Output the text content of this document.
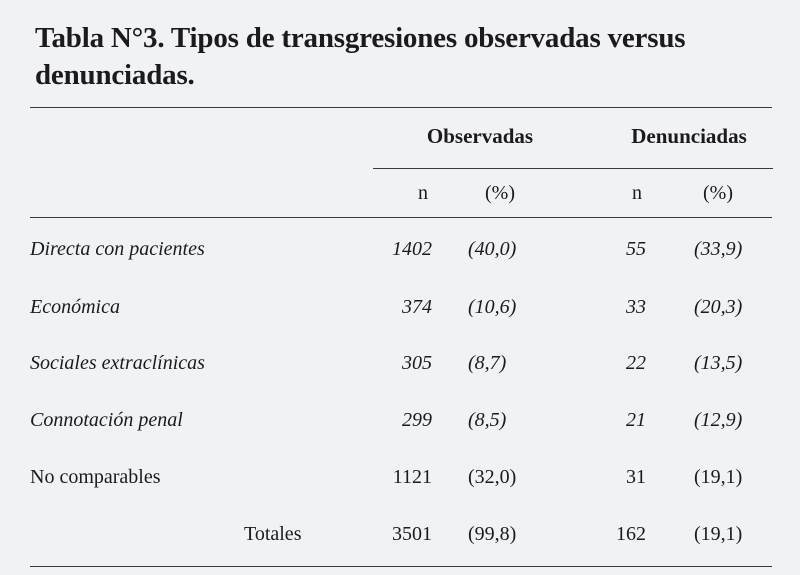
Tabla N°3. Tipos de transgresiones observadas versus denunciadas.
Observadas	Denunciadas
n	(%)	n	(%)
Directa con pacientes	1402 (40,0)	55 (33,9)
Económica	374 (10,6)	33 (20,3)
Sociales extraclínicas	305 (8,7)	22 (13,5)
Connotación penal	299 (8,5)	21 (12,9)
No comparables	1121 (32,0)	31 (19,1)
Totales	3501 (99,8)	162 (19,1)
